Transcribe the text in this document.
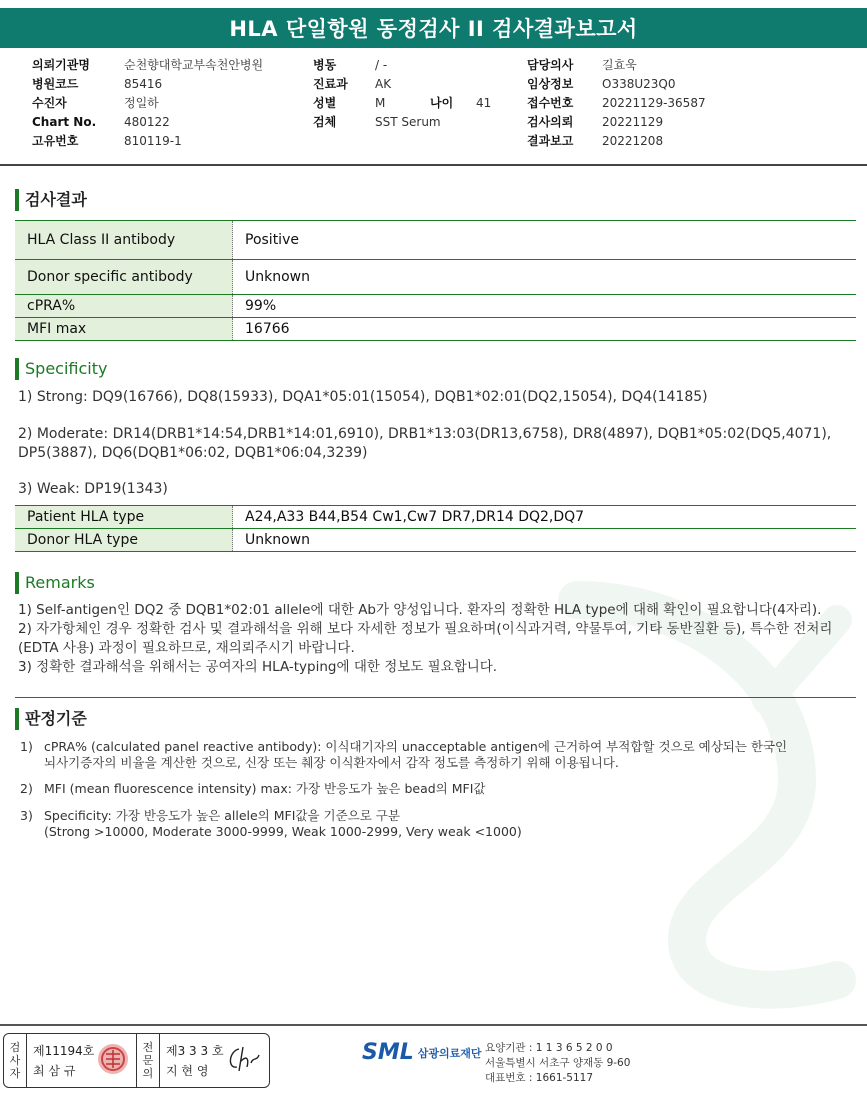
HLA 단일항원 동정검사 II 검사결과보고서
의뢰기관명	순천향대학교부속천안병원
병원코드	85416
수진자	정일하
Chart No.	480122
고유번호	810119-1
병동	/ -
진료과	AK
성별	M	나이	41
검체	SST Serum
담당의사	길효욱
임상정보	O338U23Q0
접수번호	20221129-36587
검사의뢰	20221129
결과보고	20221208
검사결과
HLA Class II antibody	Positive
Donor specific antibody	Unknown
cPRA%	99%
MFI max	16766
Specificity
1) Strong: DQ9(16766), DQ8(15933), DQA1*05:01(15054), DQB1*02:01(DQ2,15054), DQ4(14185)
2) Moderate: DR14(DRB1*14:54,DRB1*14:01,6910), DRB1*13:03(DR13,6758), DR8(4897), DQB1*05:02(DQ5,4071), DP5(3887), DQ6(DQB1*06:02, DQB1*06:04,3239)
3) Weak: DP19(1343)
Patient HLA type	A24,A33 B44,B54 Cw1,Cw7 DR7,DR14 DQ2,DQ7
Donor HLA type	Unknown
Remarks
1) Self-antigen인 DQ2 중 DQB1*02:01 allele에 대한 Ab가 양성입니다. 환자의 정확한 HLA type에 대해 확인이 필요합니다(4자리).
2) 자가항체인 경우 정확한 검사 및 결과해석을 위해 보다 자세한 정보가 필요하며(이식과거력, 약물투여, 기타 동반질환 등), 특수한 전처리(EDTA 사용) 과정이 필요하므로, 재의뢰주시기 바랍니다.
3) 정확한 결과해석을 위해서는 공여자의 HLA-typing에 대한 정보도 필요합니다.
판정기준
1) cPRA% (calculated panel reactive antibody): 이식대기자의 unacceptable antigen에 근거하여 부적합할 것으로 예상되는 한국인
뇌사기증자의 비율을 계산한 것으로, 신장 또는 췌장 이식환자에서 감작 정도를 측정하기 위해 이용됩니다.
2) MFI (mean fluorescence intensity) max: 가장 반응도가 높은 bead의 MFI값
3) Specificity: 가장 반응도가 높은 allele의 MFI값을 기준으로 구분
(Strong >10000, Moderate 3000-9999, Weak 1000-2999, Very weak <1000)
검
사
자
제11194호
최 삼 규
전
문
의
제3 3 3 호
지 현 영
SML 삼광의료재단 요양기관 : 1 1 3 6 5 2 0 0
서울특별시 서초구 양재동 9-60
대표번호 : 1661-5117
